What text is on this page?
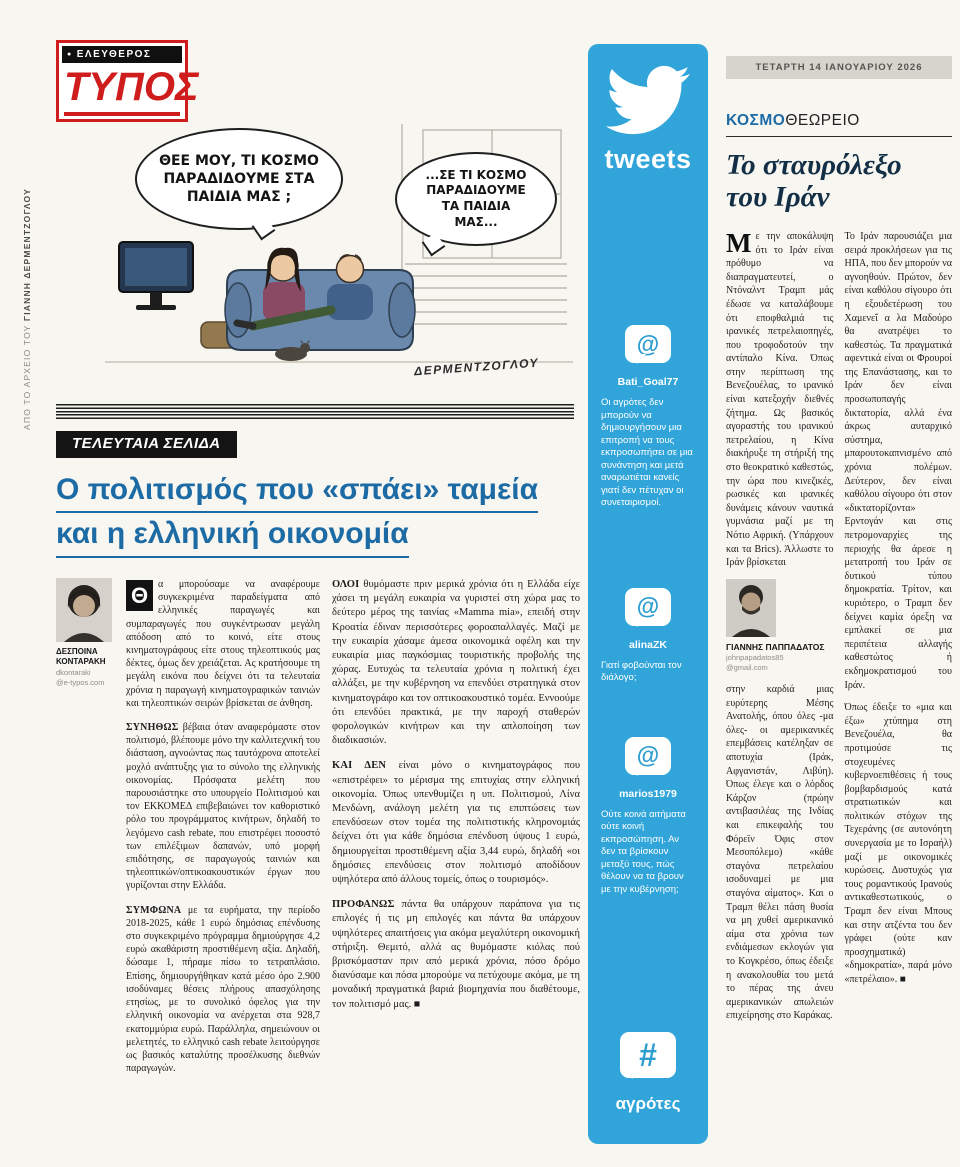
ΑΠΟ ΤΟ ΑΡΧΕΙΟ ΤΟΥ ΓΙΑΝΝΗ ΔΕΡΜΕΝΤΖΟΓΛΟΥ
● ΕΛΕΥΘΕΡΟΣ
ΤΥΠΟΣ
ΘΕΕ ΜΟΥ, ΤΙ ΚΟΣΜΟ ΠΑΡΑΔΙΔΟΥΜΕ ΣΤΑ ΠΑΙΔΙΑ ΜΑΣ ;
...ΣΕ ΤΙ ΚΟΣΜΟ ΠΑΡΑΔΙΔΟΥΜΕ ΤΑ ΠΑΙΔΙΑ ΜΑΣ...
ΔΕΡΜΕΝΤΖΟΓΛΟΥ
ΤΕΛΕΥΤΑΙΑ ΣΕΛΙΔΑ
Ο πολιτισμός που «σπάει» ταμεία
και η ελληνική οικονομία
ΔΕΣΠΟΙΝΑ ΚΟΝΤΑΡΑΚΗ
dkontaraki
@e-typos.com

Θ α μπορούσαμε να αναφέρουμε συγκεκριμένα παραδείγματα από ελληνικές παραγωγές και συμπαραγωγές που συγκέντρωσαν μεγάλη απόδοση από το κοινό, είτε στους κινηματογράφους είτε στους τηλεοπτικούς μας δέκτες, όμως δεν χρειάζεται. Ας κρατήσουμε τη μεγάλη εικόνα που δείχνει ότι τα τελευταία χρόνια η παραγωγή κινηματογραφικών ταινιών και τηλεοπτικών σειρών βρίσκεται σε άνθηση.

ΣΥΝΗΘΩΣ βέβαια όταν αναφερόμαστε στον πολιτισμό, βλέπουμε μόνο την καλλιτεχνική του διάσταση, αγνοώντας πως ταυτόχρονα αποτελεί μοχλό ανάπτυξης για το σύνολο της ελληνικής οικονομίας. Πρόσφατα μελέτη που παρουσιάστηκε στο υπουργείο Πολιτισμού και τον ΕΚΚΟΜΕΔ επιβεβαιώνει τον καθοριστικό ρόλο του προγράμματος κινήτρων, δηλαδή το λεγόμενο cash rebate, που επιστρέφει ποσοστό των επιλέξιμων δαπανών, υπό μορφή επιδότησης, σε παραγωγούς ταινιών και τηλεοπτικών/οπτικοακουστικών έργων που γυρίζονται στην Ελλάδα.

ΣΥΜΦΩΝΑ με τα ευρήματα, την περίοδο 2018-2025, κάθε 1 ευρώ δημόσιας επένδυσης στο συγκεκριμένο πρόγραμμα δημιούργησε 4,2 ευρώ ακαθάριστη προστιθέμενη αξία. Δηλαδή, δώσαμε 1, πήραμε πίσω το τετραπλάσιο. Επίσης, δημιουργήθηκαν κατά μέσο όρο 2.900 ισοδύναμες θέσεις πλήρους απασχόλησης ετησίως, με το συνολικό όφελος για την ελληνική οικονομία να ανέρχεται στα 928,7 εκατομμύρια ευρώ. Παράλληλα, σημειώνουν οι μελετητές, το ελληνικό cash rebate λειτούργησε ως βασικός καταλύτης προσέλκυσης διεθνών παραγωγών.

ΟΛΟΙ θυμόμαστε πριν μερικά χρόνια ότι η Ελλάδα είχε χάσει τη μεγάλη ευκαιρία να γυριστεί στη χώρα μας το δεύτερο μέρος της ταινίας «Mamma mia», επειδή στην Κροατία έδιναν περισσότερες φοροαπαλλαγές. Μαζί με την ευκαιρία χάσαμε άμεσα οικονομικά οφέλη και την ευκαιρία μιας παγκόσμιας τουριστικής προβολής της χώρας. Ευτυχώς τα τελευταία χρόνια η πολιτική έχει αλλάξει, με την κυβέρνηση να επενδύει στρατηγικά στον κινηματογράφο και τον οπτικοακουστικό τομέα. Εννοούμε ότι επενδύει πρακτικά, με την παροχή σταθερών φορολογικών κινήτρων και την απλοποίηση των διαδικασιών.

ΚΑΙ ΔΕΝ είναι μόνο ο κινηματογράφος που «επιστρέφει» το μέρισμα της επιτυχίας στην ελληνική οικονομία. Όπως υπενθυμίζει η υπ. Πολιτισμού, Λίνα Μενδώνη, ανάλογη μελέτη για τις επιπτώσεις των επενδύσεων στον τομέα της πολιτιστικής κληρονομιάς δείχνει ότι για κάθε δημόσια επένδυση ύψους 1 ευρώ, δημιουργείται προστιθέμενη αξία 3,44 ευρώ, δηλαδή «οι δημόσιες επενδύσεις στον πολιτισμό αποδίδουν υψηλότερα από άλλους τομείς, όπως ο τουρισμός».

ΠΡΟΦΑΝΩΣ πάντα θα υπάρχουν παράπονα για τις επιλογές ή τις μη επιλογές και πάντα θα υπάρχουν υψηλότερες απαιτήσεις για ακόμα μεγαλύτερη οικονομική στήριξη. Θεμιτό, αλλά ας θυμόμαστε κιόλας πού βρισκόμασταν πριν από μερικά χρόνια, πόσο δρόμο διανύσαμε και πόσα μπορούμε να πετύχουμε ακόμα, με τη μοναδική πραγματικά βαριά βιομηχανία που διαθέτουμε, τον πολιτισμό μας. ■

tweets
@
Bati_Goal77

Οι αγρότες δεν μπορούν να δημιουργήσουν μια επιτροπή να τους εκπροσωπήσει σε μια συνάντηση και μετά αναρωτιέται κανείς γιατί δεν πέτυχαν οι συνεταιρισμοί.

@
alinaZK

Γιατί φοβούνται τον διάλογο;

@
marios1979

Ούτε κοινά αιτήματα ούτε κοινή εκπροσώπηση. Αν δεν τα βρίσκουν μεταξύ τους, πώς θέλουν να τα βρουν με την κυβέρνηση;

#
αγρότες
ΤΕΤΑΡΤΗ 14 ΙΑΝΟΥΑΡΙΟΥ 2026
ΚΟΣΜΟΘΕΩΡΕΙΟ
Το σταυρόλεξο
του Ιράν

Με την αποκάλυψη ότι το Ιράν είναι πρόθυμο να διαπραγματευτεί, ο Ντόναλντ Τραμπ μάς έδωσε να καταλάβουμε ότι εποφθαλμιά τις ιρανικές πετρελαιοπηγές, που τροφοδοτούν την αντίπαλο Κίνα. Όπως στην περίπτωση της Βενεζουέλας, το ιρανικό είναι κατεξοχήν διεθνές ζήτημα. Ως βασικός αγοραστής του ιρανικού πετρελαίου, η Κίνα διακήρυξε τη στήριξή της στο θεοκρατικό καθεστώς, την ώρα που κινεζικές, ρωσικές και ιρανικές δυνάμεις κάνουν ναυτικά γυμνάσια μαζί με τη Νότιο Αφρική. (Υπάρχουν και τα Brics). Άλλωστε το Ιράν βρίσκεται

ΓΙΑΝΝΗΣ ΠΑΠΠΑΔΑΤΟΣ
johnpapadatos85
@gmail.com

στην καρδιά μιας ευρύτερης Μέσης Ανατολής, όπου όλες -μα όλες- οι αμερικανικές επεμβάσεις κατέληξαν σε αποτυχία (Ιράκ, Αφγανιστάν, Λιβύη). Όπως έλεγε και ο λόρδος Κάρζον (πρώην αντιβασιλέας της Ινδίας και επικεφαλής του Φόρεϊν Όφις στον Μεσοπόλεμο) «κάθε σταγόνα πετρελαίου ισοδυναμεί με μια σταγόνα αίματος». Και ο Τραμπ θέλει πάση θυσία να μη χυθεί αμερικανικό αίμα στα χρόνια των ενδιάμεσων εκλογών για το Κογκρέσο, όπως έδειξε η ανακολουθία του μετά το πέρας της άνευ αμερικανικών απωλειών επιχείρησης στο Καράκας.

Το Ιράν παρουσιάζει μια σειρά προκλήσεων για τις ΗΠΑ, που δεν μπορούν να αγνοηθούν. Πρώτον, δεν είναι καθόλου σίγουρο ότι η εξουδετέρωση του Χαμενεΐ α λα Μαδούρο θα ανατρέψει το καθεστώς. Τα πραγματικά αφεντικά είναι οι Φρουροί της Επανάστασης, και το Ιράν δεν είναι προσωποπαγής δικτατορία, αλλά ένα άκρως αυταρχικό σύστημα, μπαρουτοκαπνισμένο από χρόνια πολέμων. Δεύτερον, δεν είναι καθόλου σίγουρο ότι στον «δικτατορίζοντα» Ερντογάν και στις πετρομοναρχίες της περιοχής θα άρεσε η μετατροπή του Ιράν σε δυτικού τύπου δημοκρατία. Τρίτον, και κυριότερο, ο Τραμπ δεν δείχνει καμία όρεξη να εμπλακεί σε μια περιπέτεια αλλαγής καθεστώτος ή εκδημοκρατισμού του Ιράν.

Όπως έδειξε το «μια και έξω» χτύπημα στη Βενεζουέλα, θα προτιμούσε τις στοχευμένες κυβερνοεπιθέσεις ή τους βομβαρδισμούς κατά στρατιωτικών και πολιτικών στόχων της Τεχεράνης (σε αυτονόητη συνεργασία με το Ισραήλ) μαζί με οικονομικές κυρώσεις. Δυστυχώς για τους ρομαντικούς Ιρανούς αντικαθεστωτικούς, ο Τραμπ δεν είναι Μπους και στην ατζέντα του δεν γράφει (ούτε καν προσχηματικά) «δημοκρατία», παρά μόνο «πετρέλαιο». ■
